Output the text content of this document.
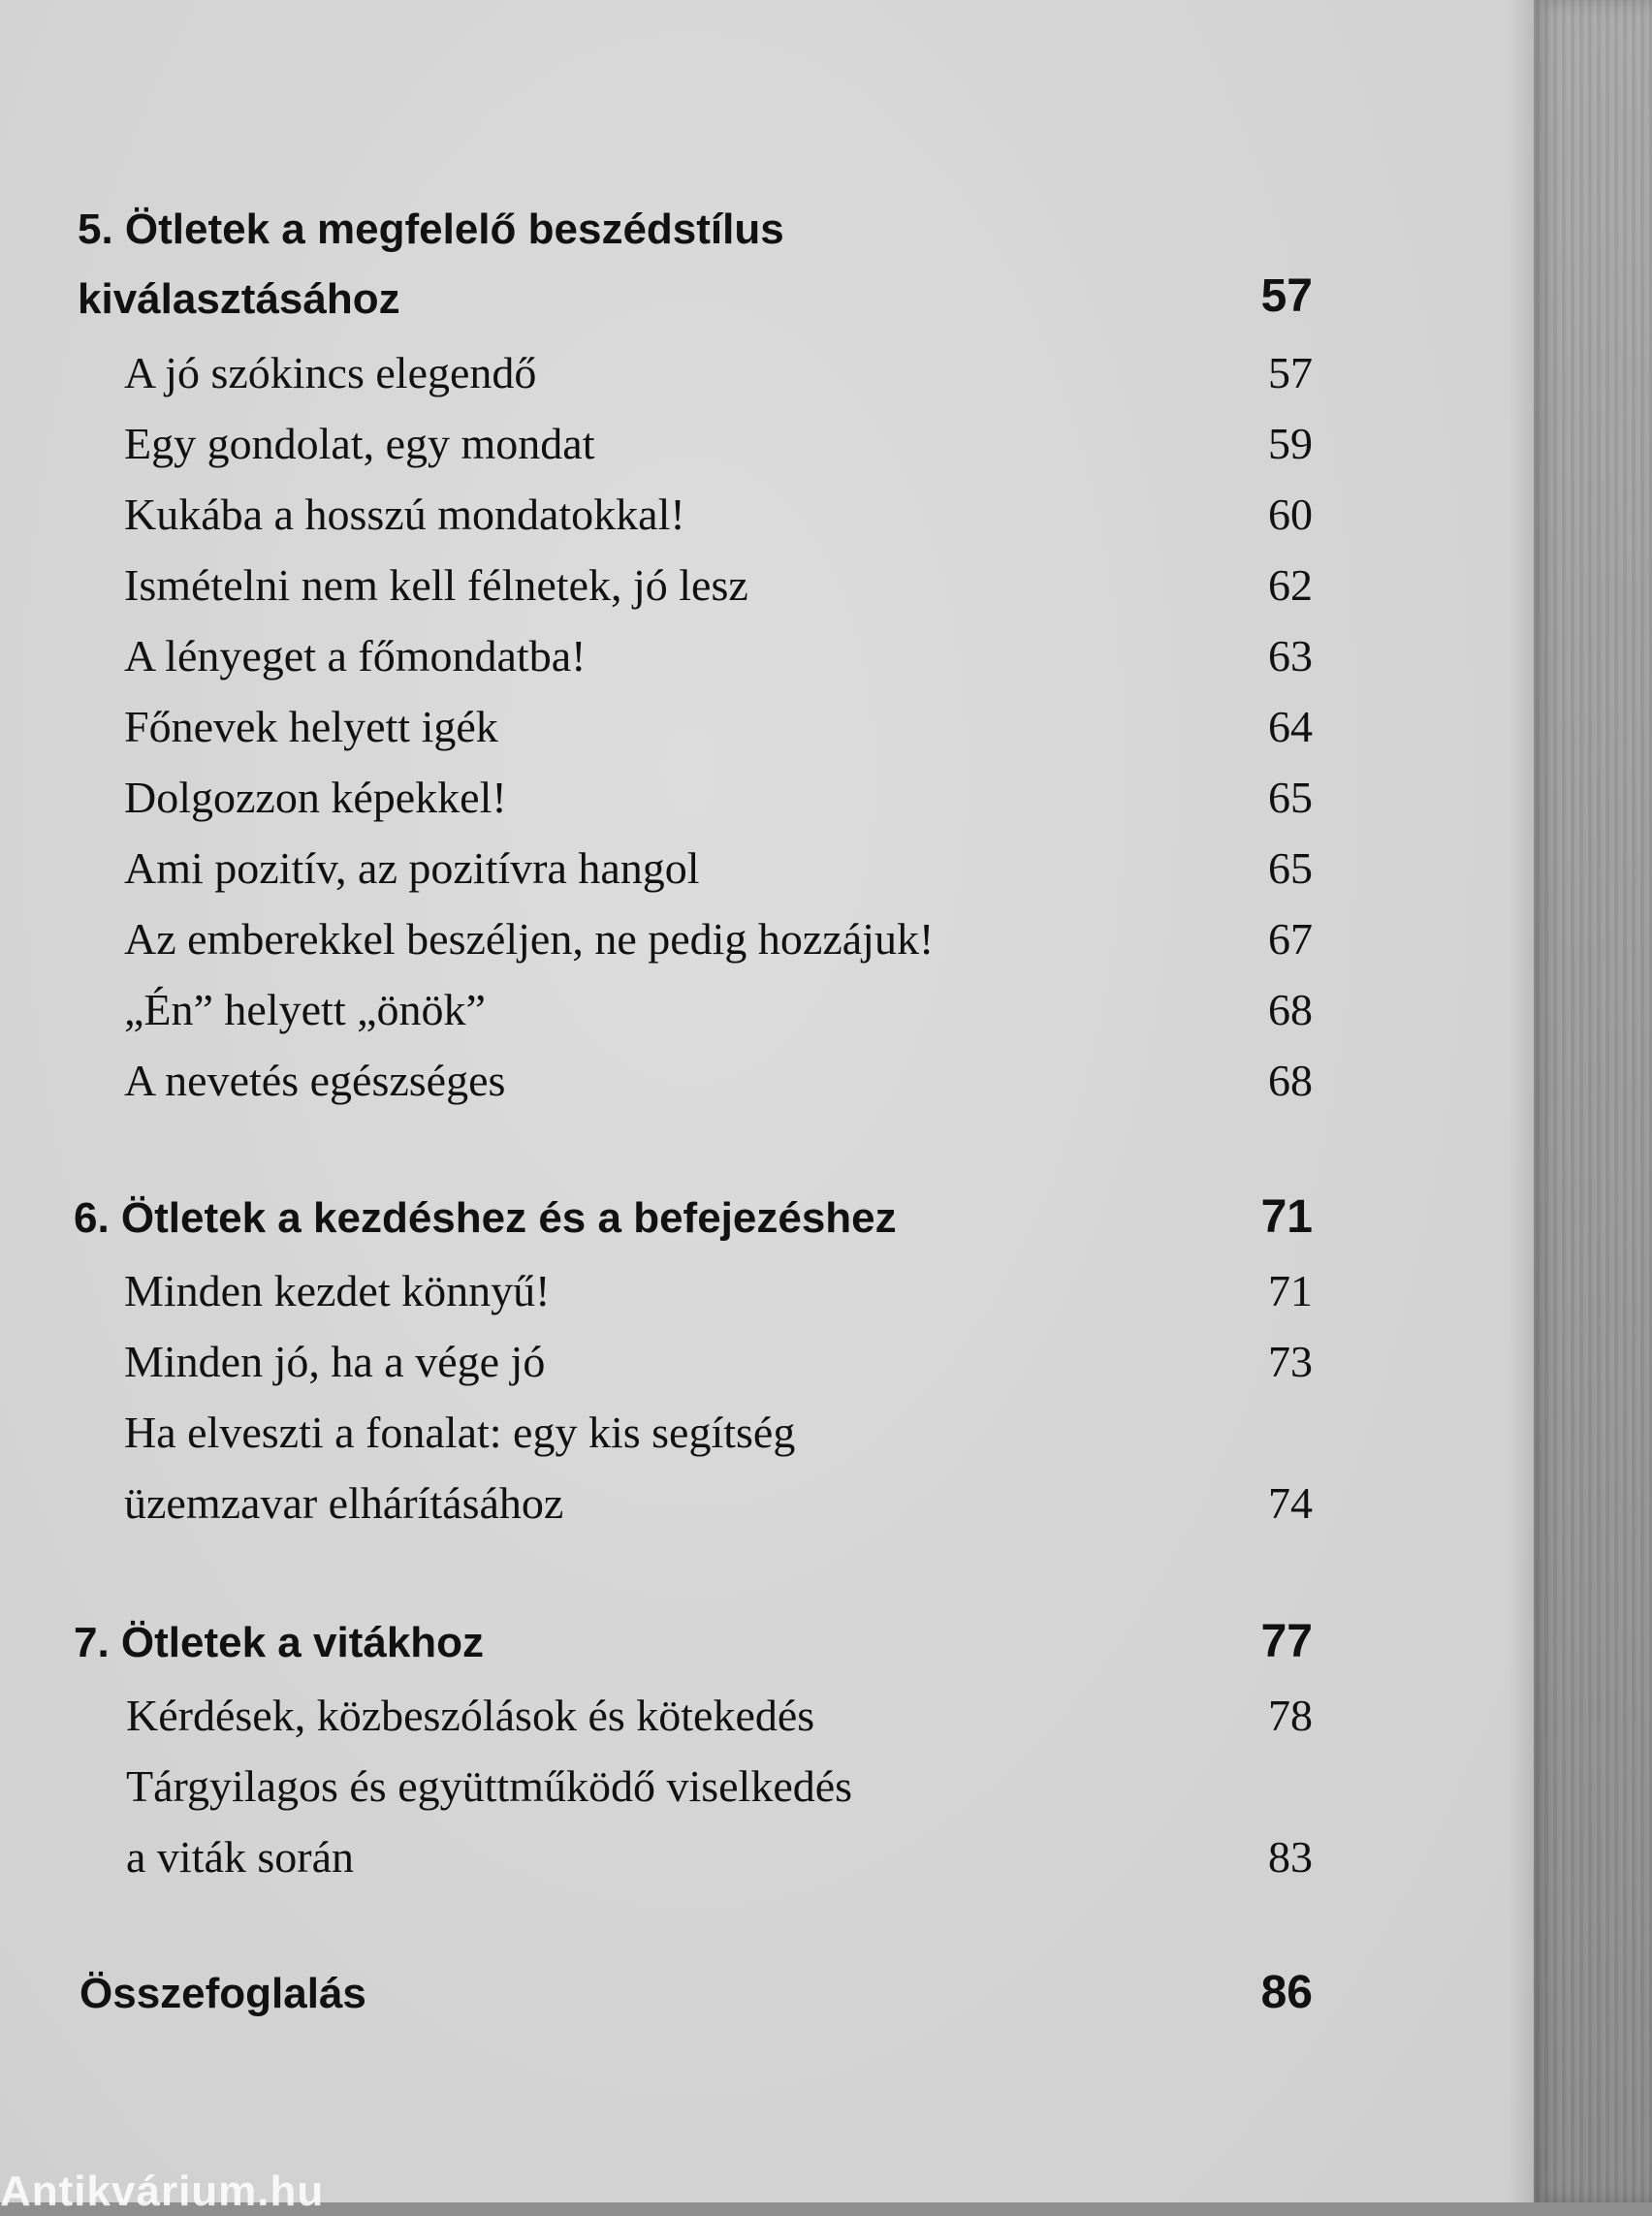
5. Ötletek a megfelelő beszédstílus
kiválasztásához	57
A jó szókincs elegendő	57
Egy gondolat, egy mondat	59
Kukába a hosszú mondatokkal!	60
Ismételni nem kell félnetek, jó lesz	62
A lényeget a főmondatba!	63
Főnevek helyett igék	64
Dolgozzon képekkel!	65
Ami pozitív, az pozitívra hangol	65
Az emberekkel beszéljen, ne pedig hozzájuk!	67
„Én” helyett „önök”	68
A nevetés egészséges	68
6. Ötletek a kezdéshez és a befejezéshez	71
Minden kezdet könnyű!	71
Minden jó, ha a vége jó	73
Ha elveszti a fonalat: egy kis segítség
üzemzavar elhárításához	74
7. Ötletek a vitákhoz	77
Kérdések, közbeszólások és kötekedés	78
Tárgyilagos és együttműködő viselkedés
a viták során	83
Összefoglalás	86
Antikvárium.hu
